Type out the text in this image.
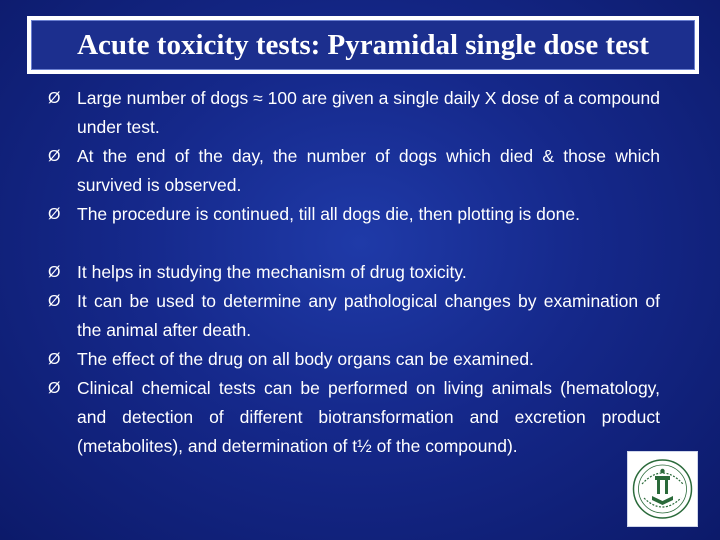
Acute toxicity tests: Pyramidal single dose test
Ø Large number of dogs ≈ 100 are given a single daily X dose of a compound under test.
Ø At the end of the day, the number of dogs which died & those which survived is observed.
Ø The procedure is continued, till all dogs die, then plotting is done.
Ø It helps in studying the mechanism of drug toxicity.
Ø It can be used to determine any pathological changes by examination of the animal after death.
Ø The effect of the drug on all body organs can be examined.
Ø Clinical chemical tests can be performed on living animals (hematology, and detection of different biotransformation and excretion product (metabolites), and determination of t½ of the compound).
